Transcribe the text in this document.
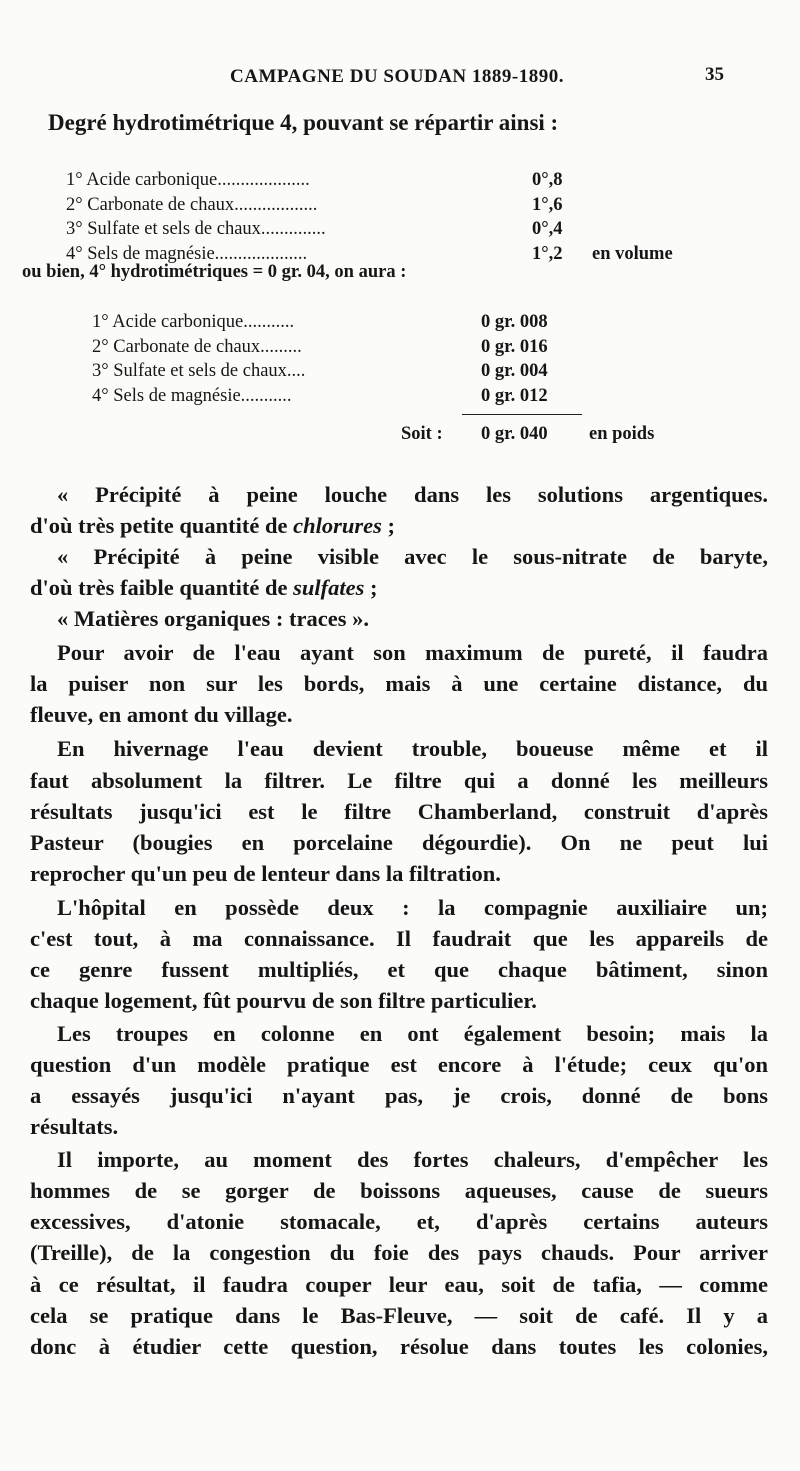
CAMPAGNE DU SOUDAN 1889-1890.	35
Degré hydrotimétrique 4, pouvant se répartir ainsi :
1° Acide carbonique....................	0°,8
2° Carbonate de chaux..................	1°,6
3° Sulfate et sels de chaux..............	0°,4
4° Sels de magnésie....................	1°,2 en volume
ou bien, 4° hydrotimétriques = 0 gr. 04, on aura :
1° Acide carbonique...........	0 gr. 008
2° Carbonate de chaux.........	0 gr. 016
3° Sulfate et sels de chaux....	0 gr. 004
4° Sels de magnésie...........	0 gr. 012
Soit : 0 gr. 040 en poids
« Précipité à peine louche dans les solutions argentiques.
d'où très petite quantité de chlorures ;
« Précipité à peine visible avec le sous-nitrate de baryte,
d'où très faible quantité de sulfates ;
« Matières organiques : traces ».
Pour avoir de l'eau ayant son maximum de pureté, il faudra
la puiser non sur les bords, mais à une certaine distance, du
fleuve, en amont du village.
En hivernage l'eau devient trouble, boueuse même et il
faut absolument la filtrer. Le filtre qui a donné les meilleurs
résultats jusqu'ici est le filtre Chamberland, construit d'après
Pasteur (bougies en porcelaine dégourdie). On ne peut lui
reprocher qu'un peu de lenteur dans la filtration.
L'hôpital en possède deux : la compagnie auxiliaire un;
c'est tout, à ma connaissance. Il faudrait que les appareils de
ce genre fussent multipliés, et que chaque bâtiment, sinon
chaque logement, fût pourvu de son filtre particulier.
Les troupes en colonne en ont également besoin; mais la
question d'un modèle pratique est encore à l'étude; ceux qu'on
a essayés jusqu'ici n'ayant pas, je crois, donné de bons
résultats.
Il importe, au moment des fortes chaleurs, d'empêcher les
hommes de se gorger de boissons aqueuses, cause de sueurs
excessives, d'atonie stomacale, et, d'après certains auteurs
(Treille), de la congestion du foie des pays chauds. Pour arriver
à ce résultat, il faudra couper leur eau, soit de tafia, — comme
cela se pratique dans le Bas-Fleuve, — soit de café. Il y a
donc à étudier cette question, résolue dans toutes les colonies,
